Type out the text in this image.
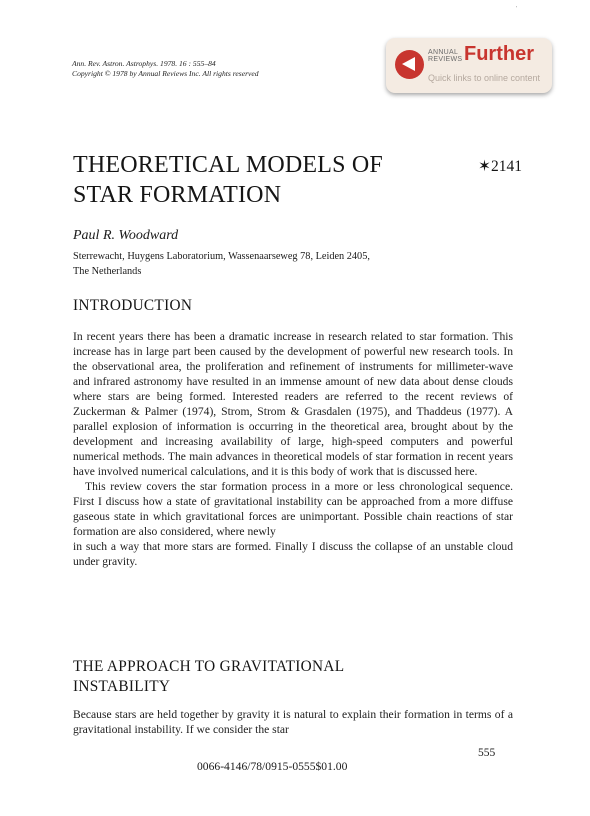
'
Ann. Rev. Astron. Astrophys. 1978. 16 : 555–84
Copyright © 1978 by Annual Reviews Inc. All rights reserved
ANNUAL
REVIEWS Further
Quick links to online content
THEORETICAL MODELS OF
STAR FORMATION
✶2141
Paul R. Woodward
Sterrewacht, Huygens Laboratorium, Wassenaarseweg 78, Leiden 2405,
The Netherlands
INTRODUCTION

In recent years there has been a dramatic increase in research related to star formation. This increase has in large part been caused by the development of powerful new research tools. In the observational area, the proliferation and refinement of instruments for millimeter-wave and infrared astronomy have resulted in an immense amount of new data about dense clouds where stars are being formed. Interested readers are referred to the recent reviews of Zuckerman & Palmer (1974), Strom, Strom & Grasdalen (1975), and Thaddeus (1977). A parallel explosion of information is occurring in the theoretical area, brought about by the development and increasing availability of large, high-speed computers and powerful numerical methods. The main advances in theoretical models of star formation in recent years have involved numerical calculations, and it is this body of work that is discussed here.

This review covers the star formation process in a more or less chronological sequence. First I discuss how a state of gravitational instability can be approached from a more diffuse gaseous state in which gravitational forces are unimportant. Possible chain reactions of star formation are also considered, where newly

in such a way that more stars are formed. Finally I discuss the collapse of an unstable cloud under gravity.

THE APPROACH TO GRAVITATIONAL
INSTABILITY

Because stars are held together by gravity it is natural to explain their formation in terms of a gravitational instability. If we consider the star

555
0066-4146/78/0915-0555$01.00
